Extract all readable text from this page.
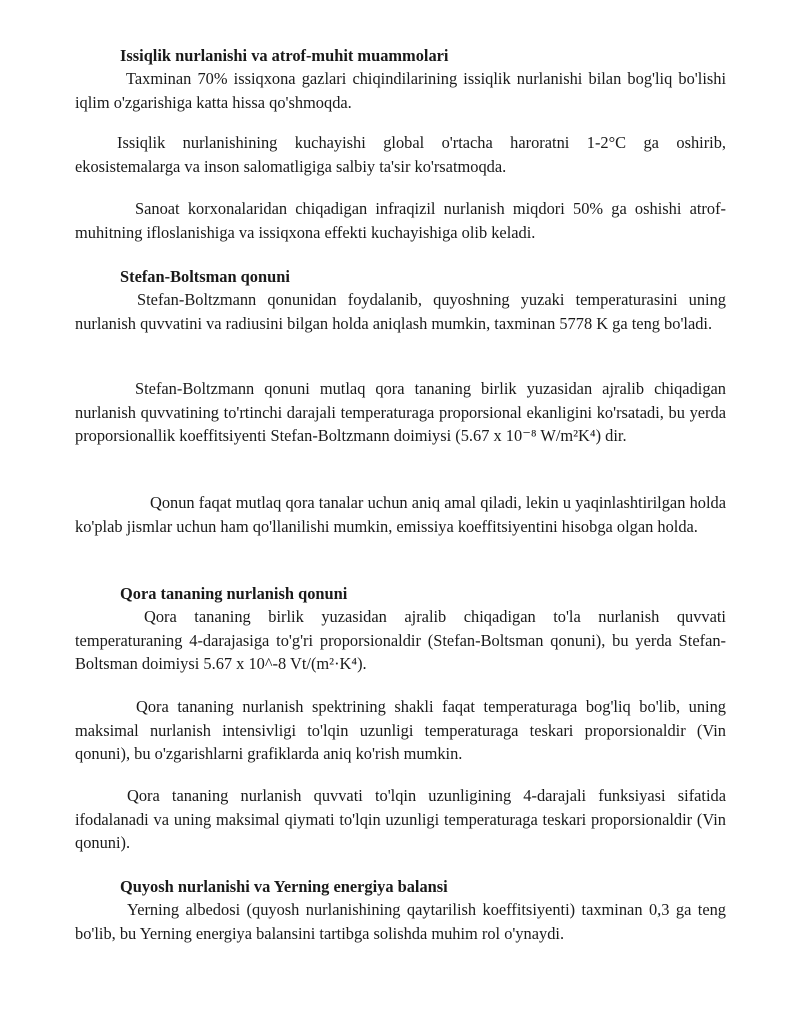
Issiqlik nurlanishi va atrof-muhit muammolari

Taxminan 70% issiqxona gazlari chiqindilarining issiqlik nurlanishi bilan bog'liq bo'lishi iqlim o'zgarishiga katta hissa qo'shmoqda.

Issiqlik nurlanishining kuchayishi global o'rtacha haroratni 1-2°C ga oshirib, ekosistemalarga va inson salomatligiga salbiy ta'sir ko'rsatmoqda.

Sanoat korxonalaridan chiqadigan infraqizil nurlanish miqdori 50% ga oshishi atrof-muhitning ifloslanishiga va issiqxona effekti kuchayishiga olib keladi.

Stefan-Boltsman qonuni

Stefan-Boltzmann qonunidan foydalanib, quyoshning yuzaki temperaturasini uning nurlanish quvvatini va radiusini bilgan holda aniqlash mumkin, taxminan 5778 K ga teng bo'ladi.

Stefan-Boltzmann qonuni mutlaq qora tananing birlik yuzasidan ajralib chiqadigan nurlanish quvvatining to'rtinchi darajali temperaturaga proporsional ekanligini ko'rsatadi, bu yerda proporsionallik koeffitsiyenti Stefan-Boltzmann doimiysi (5.67 x 10⁻⁸ W/m²K⁴) dir.

Qonun faqat mutlaq qora tanalar uchun aniq amal qiladi, lekin u yaqinlashtirilgan holda ko'plab jismlar uchun ham qo'llanilishi mumkin, emissiya koeffitsiyentini hisobga olgan holda.

Qora tananing nurlanish qonuni

Qora tananing birlik yuzasidan ajralib chiqadigan to'la nurlanish quvvati temperaturaning 4-darajasiga to'g'ri proporsionaldir (Stefan-Boltsman qonuni), bu yerda Stefan-Boltsman doimiysi 5.67 x 10^-8 Vt/(m²·K⁴).

Qora tananing nurlanish spektrining shakli faqat temperaturaga bog'liq bo'lib, uning maksimal nurlanish intensivligi to'lqin uzunligi temperaturaga teskari proporsionaldir (Vin qonuni), bu o'zgarishlarni grafiklarda aniq ko'rish mumkin.

Qora tananing nurlanish quvvati to'lqin uzunligining 4-darajali funksiyasi sifatida ifodalanadi va uning maksimal qiymati to'lqin uzunligi temperaturaga teskari proporsionaldir (Vin qonuni).

Quyosh nurlanishi va Yerning energiya balansi

Yerning albedosi (quyosh nurlanishining qaytarilish koeffitsiyenti) taxminan 0,3 ga teng bo'lib, bu Yerning energiya balansini tartibga solishda muhim rol o'ynaydi.
